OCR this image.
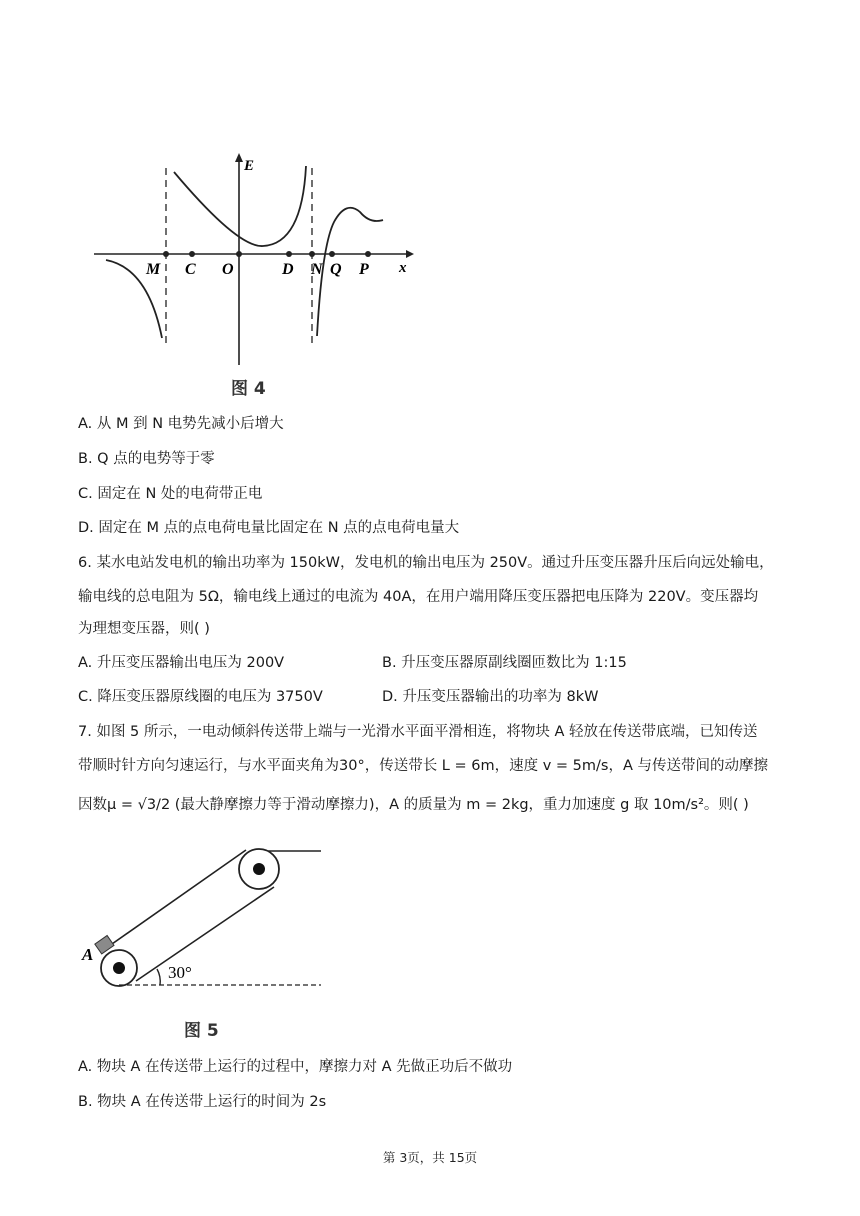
E
x
M C O	D N Q P
图 4
A. 从 M 到 N 电势先减小后增大
B. Q 点的电势等于零
C. 固定在 N 处的电荷带正电
D. 固定在 M 点的点电荷电量比固定在 N 点的点电荷电量大
6. 某水电站发电机的输出功率为 150kW，发电机的输出电压为 250V。通过升压变压器升压后向远处输电，
输电线的总电阻为 5Ω，输电线上通过的电流为 40A，在用户端用降压变压器把电压降为 220V。变压器均
为理想变压器，则( )
A. 升压变压器输出电压为 200V	B. 升压变压器原副线圈匝数比为 1:15
C. 降压变压器原线圈的电压为 3750V	D. 升压变压器输出的功率为 8kW
7. 如图 5 所示，一电动倾斜传送带上端与一光滑水平面平滑相连，将物块 A 轻放在传送带底端，已知传送
带顺时针方向匀速运行，与水平面夹角为30°，传送带长 L = 6m，速度 v = 5m/s，A 与传送带间的动摩擦
因数μ = √3/2 (最大静摩擦力等于滑动摩擦力)，A 的质量为 m = 2kg，重力加速度 g 取 10m/s²。则( )
A
30°
图 5
A. 物块 A 在传送带上运行的过程中，摩擦力对 A 先做正功后不做功
B. 物块 A 在传送带上运行的时间为 2s
第 3页，共 15页
